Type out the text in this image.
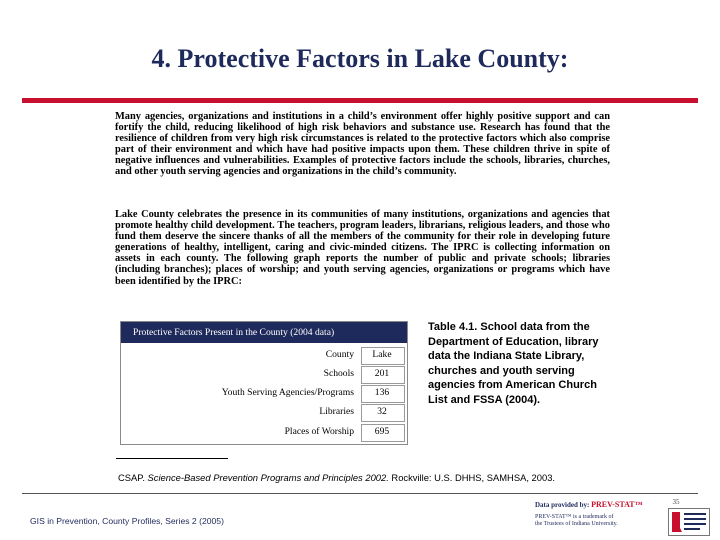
4. Protective Factors in Lake County:

Many agencies, organizations and institutions in a child’s environment offer highly positive support and can fortify the child, reducing likelihood of high risk behaviors and substance use. Research has found that the resilience of children from very high risk circumstances is related to the protective factors which also comprise part of their environment and which have had positive impacts upon them. These children thrive in spite of negative influences and vulnerabilities. Examples of protective factors include the schools, libraries, churches, and other youth serving agencies and organizations in the child’s community.

Lake County celebrates the presence in its communities of many institutions, organizations and agencies that promote healthy child development. The teachers, program leaders, librarians, religious leaders, and those who fund them deserve the sincere thanks of all the members of the community for their role in developing future generations of healthy, intelligent, caring and civic-minded citizens. The IPRC is collecting information on assets in each county. The following graph reports the number of public and private schools; libraries (including branches); places of worship; and youth serving agencies, organizations or programs which have been identified by the IPRC:

Protective Factors Present in the County (2004 data)
County	Lake
Schools	201
Youth Serving Agencies/Programs	136
Libraries	32
Places of Worship	695

Table 4.1. School data from the Department of Education, library data the Indiana State Library, churches and youth serving agencies from American Church List and FSSA (2004).

CSAP. Science-Based Prevention Programs and Principles 2002. Rockville: U.S. DHHS, SAMHSA, 2003.
GIS in Prevention, County Profiles, Series 2 (2005)
Data provided by: PREV-STAT™
PREV-STAT™ is a trademark of
the Trustees of Indiana University.
35
